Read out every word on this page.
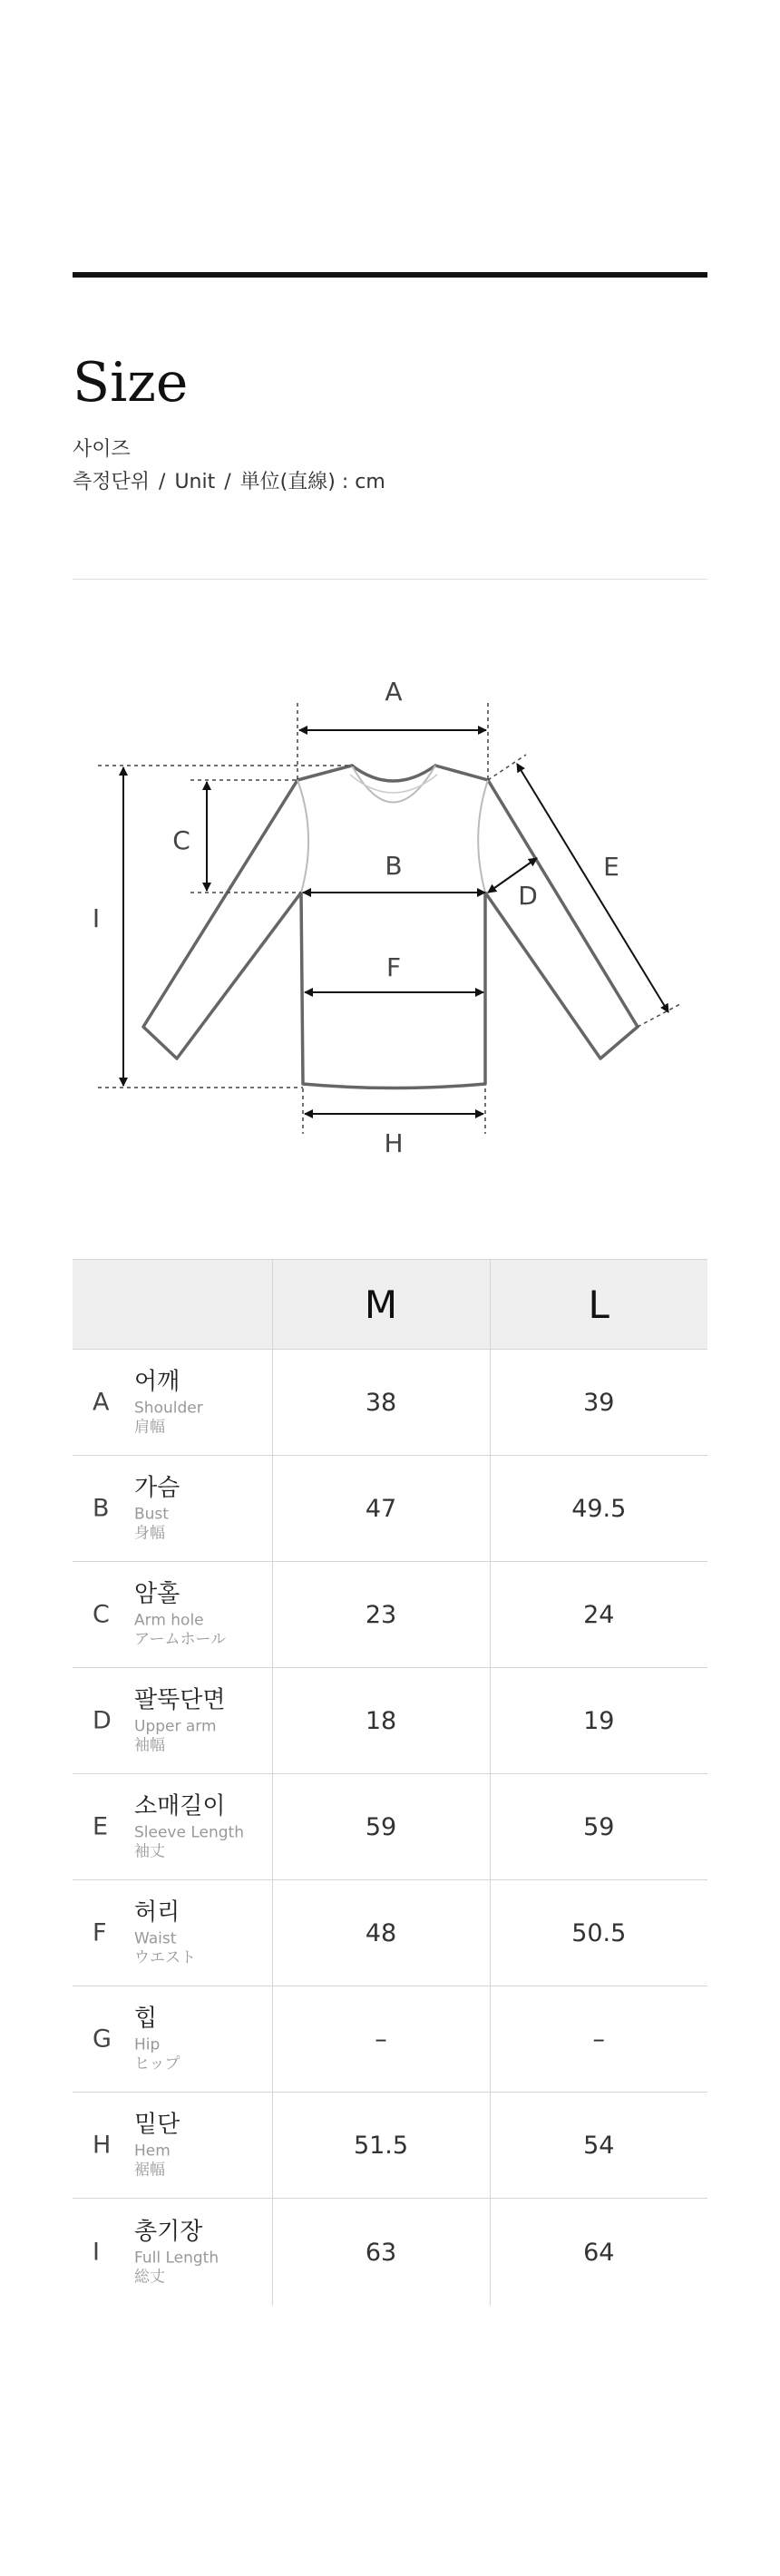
Size
사이즈
측정단위 / Unit / 単位(直線) : cm
A
B
C
D
E
F
H
I
	M	L

A
어깨
Shoulder
肩幅	38	39

B
가슴
Bust
身幅	47	49.5

C
암홀
Arm hole
アームホール	23	24

D
팔뚝단면
Upper arm
袖幅	18	19

E
소매길이
Sleeve Length
袖丈	59	59

F
허리
Waist
ウエスト	48	50.5

G
힙
Hip
ヒップ	–	–

H
밑단
Hem
裾幅	51.5	54

I
총기장
Full Length
総丈	63	64
